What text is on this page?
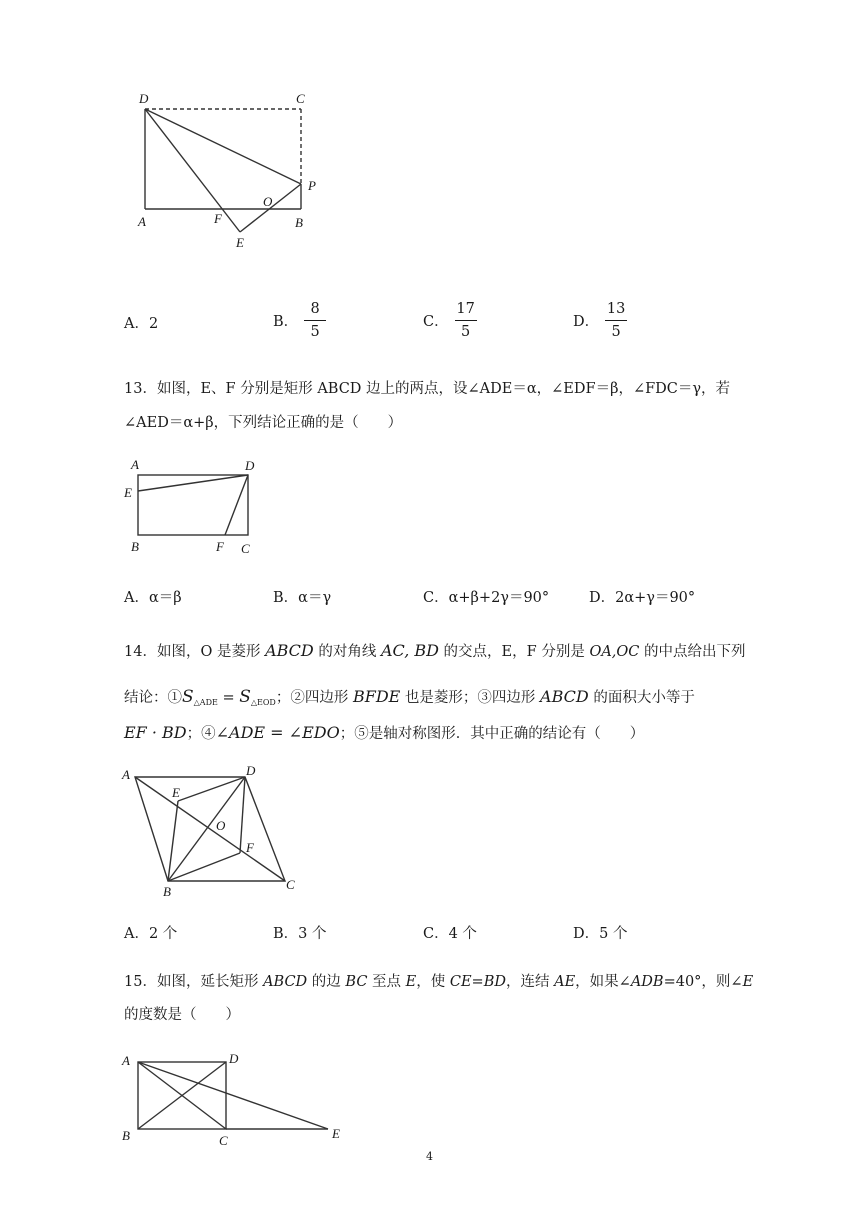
D	C
P
A	F
O
B
E
A．2	B． $\frac{8}{5}$	C． $\frac{17}{5}$	D． $\frac{13}{5}$
13．如图，E、F 分别是矩形 ABCD 边上的两点，设∠ADE＝α，∠EDF＝β，∠FDC＝γ，若
∠AED＝α+β，下列结论正确的是（　　）
A	D
E
B	F C
A．α＝β	B．α＝γ	C．α+β+2γ＝90°	D．2α+γ＝90°
14．如图，O 是菱形 ABCD 的对角线 AC, BD 的交点，E，F 分别是 OA,OC 的中点给出下列
结论：$①S_{\triangle ADE} = S_{\triangle EOD}$；②四边形 BFDE 也是菱形；③四边形 ABCD 的面积大小等于
EF · BD；④∠ADE = ∠EDO；⑤是轴对称图形．其中正确的结论有（　　）
A	D
E
O
F
B	C
A．2 个	B．3 个	C．4 个	D．5 个
15．如图，延长矩形 ABCD 的边 BC 至点 E，使 CE=BD，连结 AE，如果∠ADB=40°，则∠E
的度数是（　　）
A	D
B	C	E
4
